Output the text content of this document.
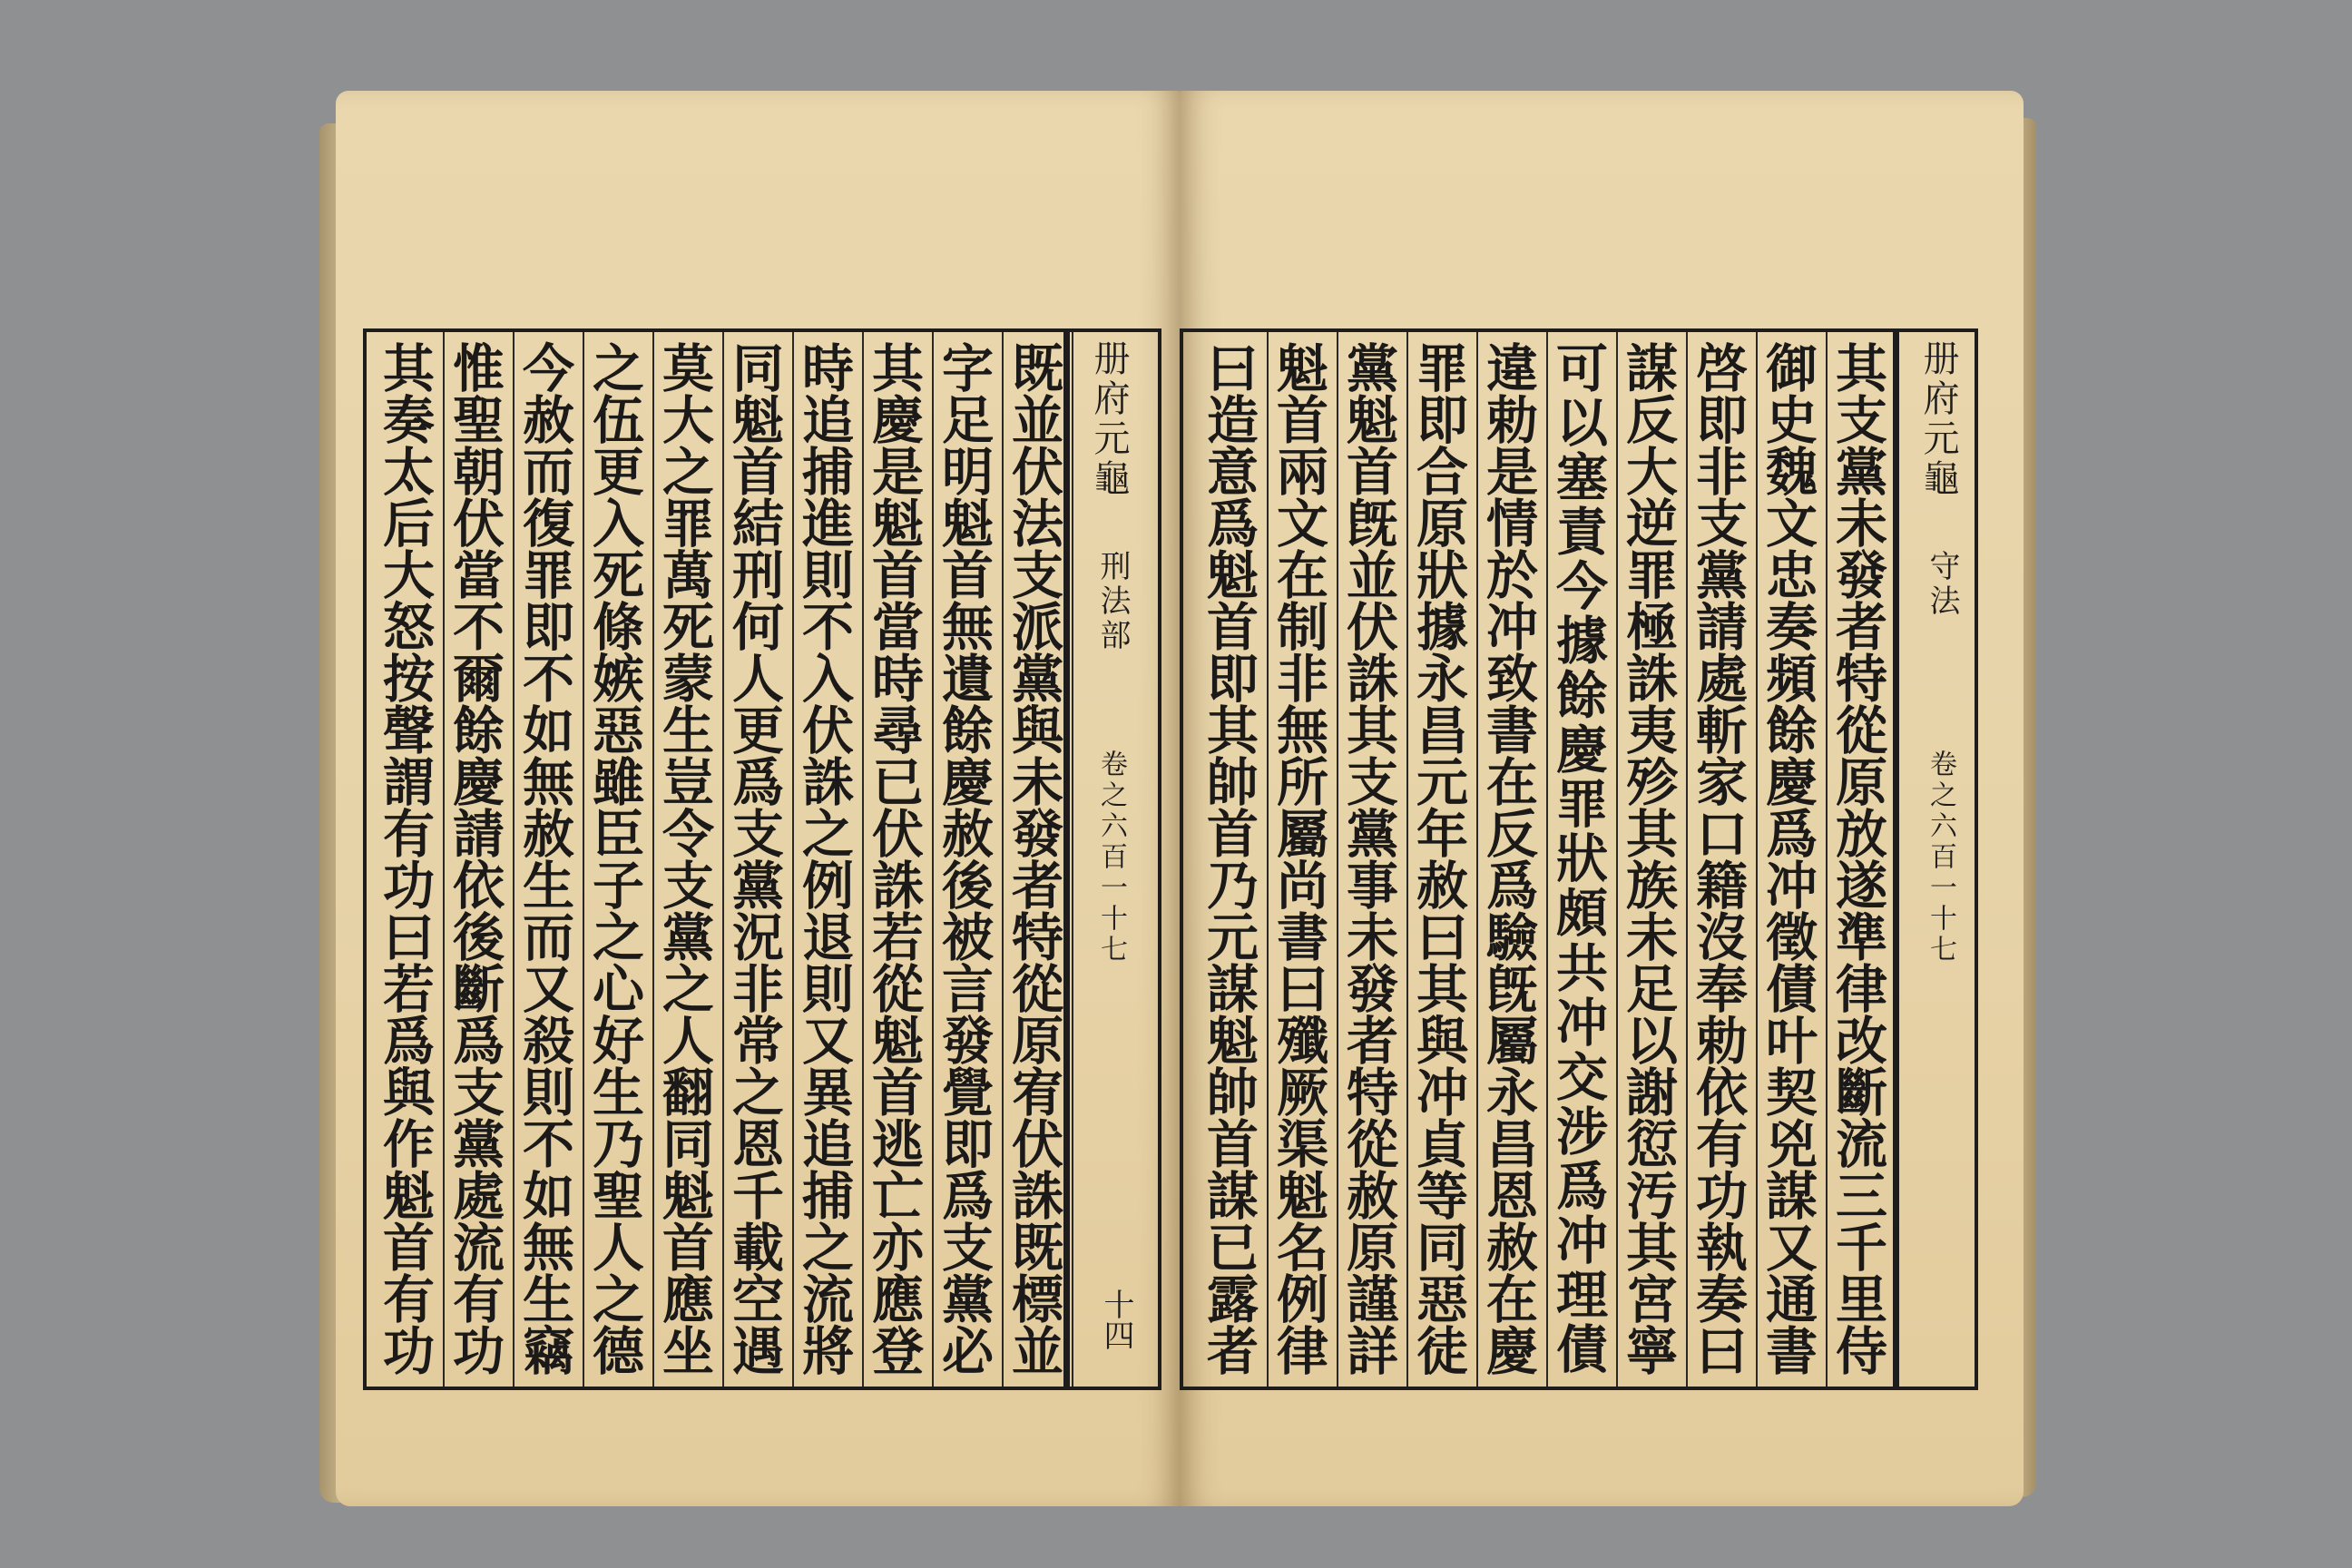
其
奏
太
后
大
怒
按
聲
謂
有
功
曰
若
爲
與
作
魁
首
有
功
惟
聖
朝
伏
當
不
爾
餘
慶
請
依
後
斷
爲
支
黨
處
流
有
功
今
赦
而
復
罪
即
不
如
無
赦
生
而
又
殺
則
不
如
無
生
竊
之
伍
更
入
死
條
嫉
惡
雖
臣
子
之
心
好
生
乃
聖
人
之
德
莫
大
之
罪
萬
死
蒙
生
豈
令
支
黨
之
人
翻
同
魁
首
應
坐
同
魁
首
結
刑
何
人
更
爲
支
黨
況
非
常
之
恩
千
載
空
遇
時
追
捕
進
則
不
入
伏
誅
之
例
退
則
又
異
追
捕
之
流
將
其
慶
是
魁
首
當
時
尋
已
伏
誅
若
從
魁
首
逃
亡
亦
應
登
字
足
明
魁
首
無
遺
餘
慶
赦
後
被
言
發
覺
即
爲
支
黨
必
既
並
伏
法
支
派
黨
與
未
發
者
特
從
原
宥
伏
誅
既
標
並
册府元龜
刑法部
卷之六百一十七
十四
其
支
黨
未
發
者
特
從
原
放
遂
準
律
改
斷
流
三
千
里
侍
御
史
魏
文
忠
奏
頻
餘
慶
爲
冲
徵
債
叶
契
兇
謀
又
通
書
啓
即
非
支
黨
請
處
斬
家
口
籍
沒
奉
勅
依
有
功
執
奏
曰
謀
反
大
逆
罪
極
誅
夷
殄
其
族
未
足
以
謝
愆
汚
其
宮
寧
可
以
塞
責
今
據
餘
慶
罪
狀
頗
共
冲
交
涉
爲
冲
理
債
違
勅
是
情
於
冲
致
書
在
反
爲
驗
旣
屬
永
昌
恩
赦
在
慶
罪
即
合
原
狀
據
永
昌
元
年
赦
曰
其
與
冲
貞
等
同
惡
徒
黨
魁
首
旣
並
伏
誅
其
支
黨
事
未
發
者
特
從
赦
原
謹
詳
魁
首
兩
文
在
制
非
無
所
屬
尚
書
曰
殲
厥
渠
魁
名
例
律
曰
造
意
爲
魁
首
即
其
帥
首
乃
元
謀
魁
帥
首
謀
已
露
者
册府元龜
守法
卷之六百一十七
